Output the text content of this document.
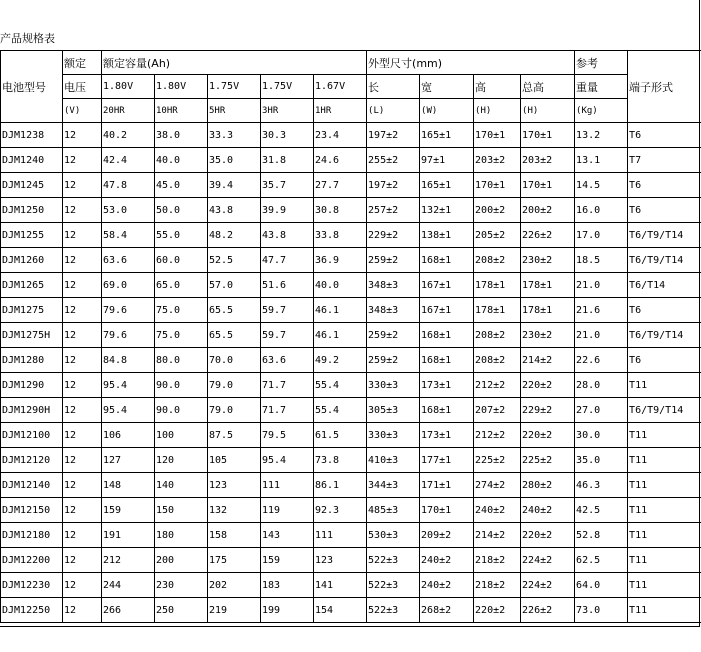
产品规格表
电池型号	额定	额定容量(Ah)					外型尺寸(mm)				参考	端子形式
	电压	1.80V	1.80V	1.75V	1.75V	1.67V	长	宽	高	总高	重量	
	(V)	20HR	10HR	5HR	3HR	1HR	(L)	(W)	(H)	(H)	(Kg)	
DJM1238	12	40.2	38.0	33.3	30.3	23.4	197±2	165±1	170±1	170±1	13.2	T6
DJM1240	12	42.4	40.0	35.0	31.8	24.6	255±2	97±1	203±2	203±2	13.1	T7
DJM1245	12	47.8	45.0	39.4	35.7	27.7	197±2	165±1	170±1	170±1	14.5	T6
DJM1250	12	53.0	50.0	43.8	39.9	30.8	257±2	132±1	200±2	200±2	16.0	T6
DJM1255	12	58.4	55.0	48.2	43.8	33.8	229±2	138±1	205±2	226±2	17.0	T6/T9/T14
DJM1260	12	63.6	60.0	52.5	47.7	36.9	259±2	168±1	208±2	230±2	18.5	T6/T9/T14
DJM1265	12	69.0	65.0	57.0	51.6	40.0	348±3	167±1	178±1	178±1	21.0	T6/T14
DJM1275	12	79.6	75.0	65.5	59.7	46.1	348±3	167±1	178±1	178±1	21.6	T6
DJM1275H	12	79.6	75.0	65.5	59.7	46.1	259±2	168±1	208±2	230±2	21.0	T6/T9/T14
DJM1280	12	84.8	80.0	70.0	63.6	49.2	259±2	168±1	208±2	214±2	22.6	T6
DJM1290	12	95.4	90.0	79.0	71.7	55.4	330±3	173±1	212±2	220±2	28.0	T11
DJM1290H	12	95.4	90.0	79.0	71.7	55.4	305±3	168±1	207±2	229±2	27.0	T6/T9/T14
DJM12100	12	106	100	87.5	79.5	61.5	330±3	173±1	212±2	220±2	30.0	T11
DJM12120	12	127	120	105	95.4	73.8	410±3	177±1	225±2	225±2	35.0	T11
DJM12140	12	148	140	123	111	86.1	344±3	171±1	274±2	280±2	46.3	T11
DJM12150	12	159	150	132	119	92.3	485±3	170±1	240±2	240±2	42.5	T11
DJM12180	12	191	180	158	143	111	530±3	209±2	214±2	220±2	52.8	T11
DJM12200	12	212	200	175	159	123	522±3	240±2	218±2	224±2	62.5	T11
DJM12230	12	244	230	202	183	141	522±3	240±2	218±2	224±2	64.0	T11
DJM12250	12	266	250	219	199	154	522±3	268±2	220±2	226±2	73.0	T11
